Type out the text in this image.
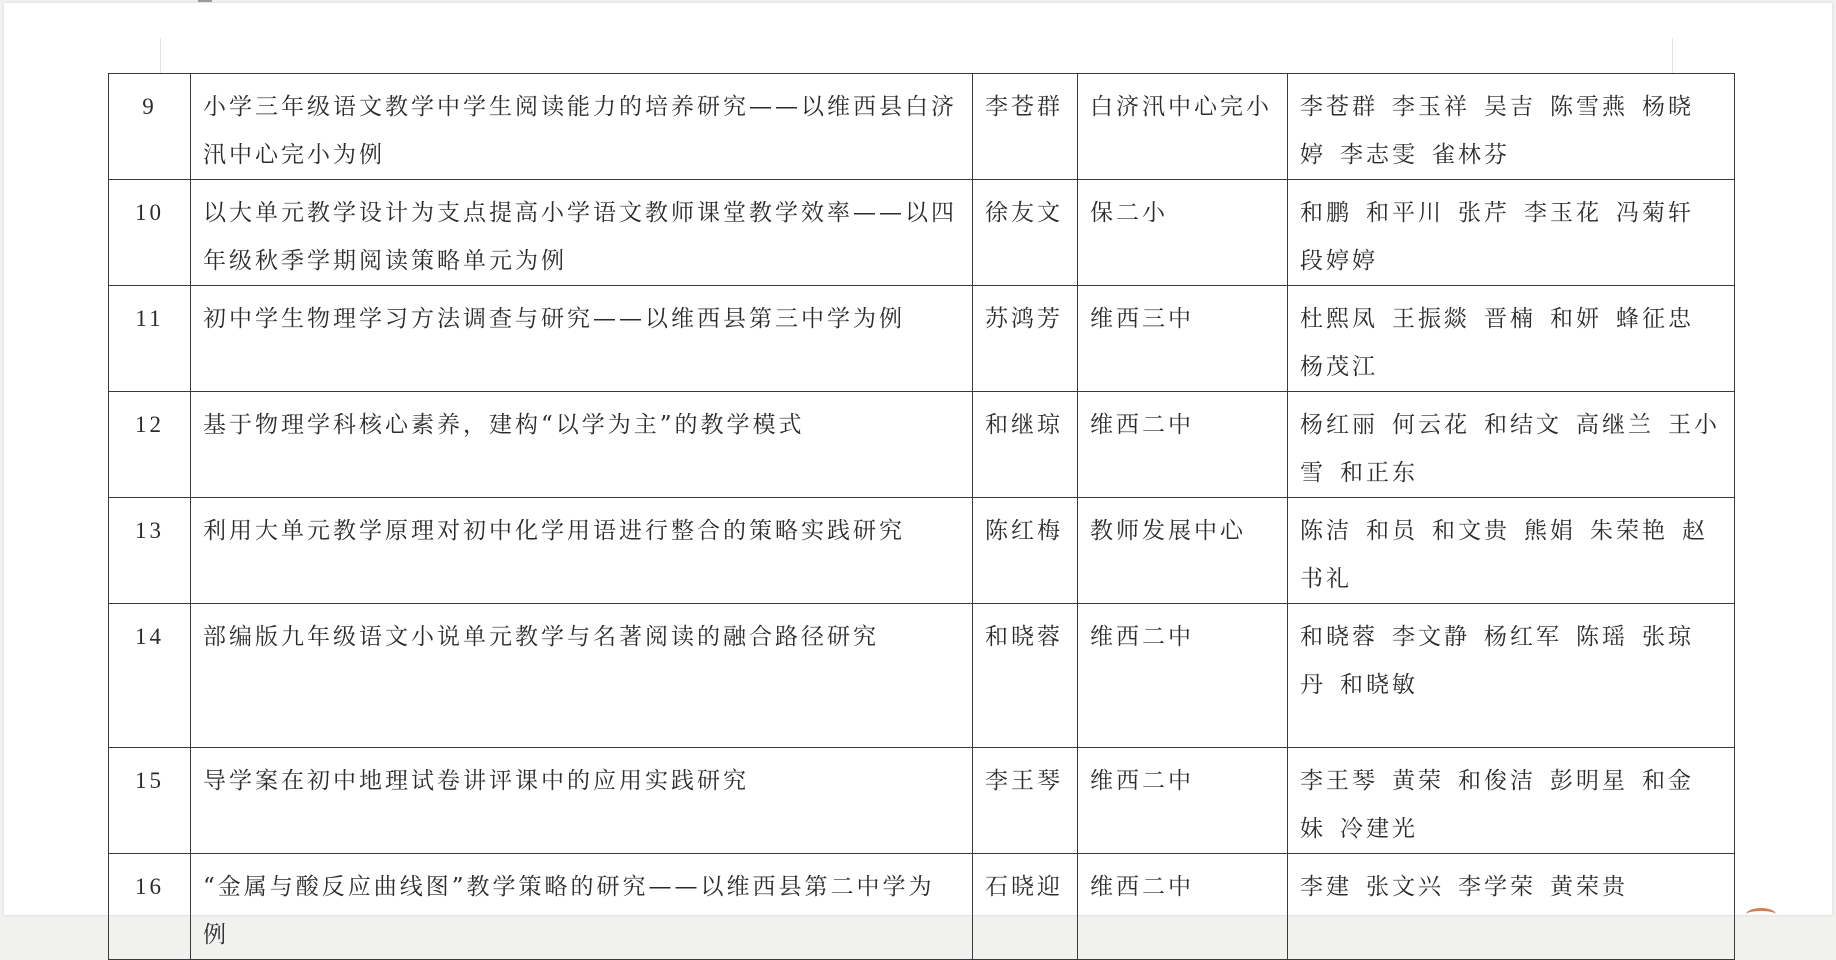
9	小学三年级语文教学中学生阅读能力的培养研究——以维西县白济汛中心完小为例	李苍群	白济汛中心完小	李苍群 李玉祥 吴吉 陈雪燕 杨晓婷 李志雯 雀林芬
10	以大单元教学设计为支点提高小学语文教师课堂教学效率——以四年级秋季学期阅读策略单元为例	徐友文	保二小	和鹏 和平川 张芹 李玉花 冯菊轩段婷婷
11	初中学生物理学习方法调查与研究——以维西县第三中学为例	苏鸿芳	维西三中	杜熙凤 王振燚 晋楠 和妍 蜂征忠杨茂江
12	基于物理学科核心素养，建构“以学为主”的教学模式	和继琼	维西二中	杨红丽 何云花 和结文 高继兰 王小雪 和正东
13	利用大单元教学原理对初中化学用语进行整合的策略实践研究	陈红梅	教师发展中心	陈洁 和员 和文贵 熊娟 朱荣艳 赵书礼
14	部编版九年级语文小说单元教学与名著阅读的融合路径研究	和晓蓉	维西二中	和晓蓉 李文静 杨红军 陈瑶 张琼丹 和晓敏
15	导学案在初中地理试卷讲评课中的应用实践研究	李王琴	维西二中	李王琴 黄荣 和俊洁 彭明星 和金妹 冷建光
16	“金属与酸反应曲线图”教学策略的研究——以维西县第二中学为例	石晓迎	维西二中	李建 张文兴 李学荣 黄荣贵
